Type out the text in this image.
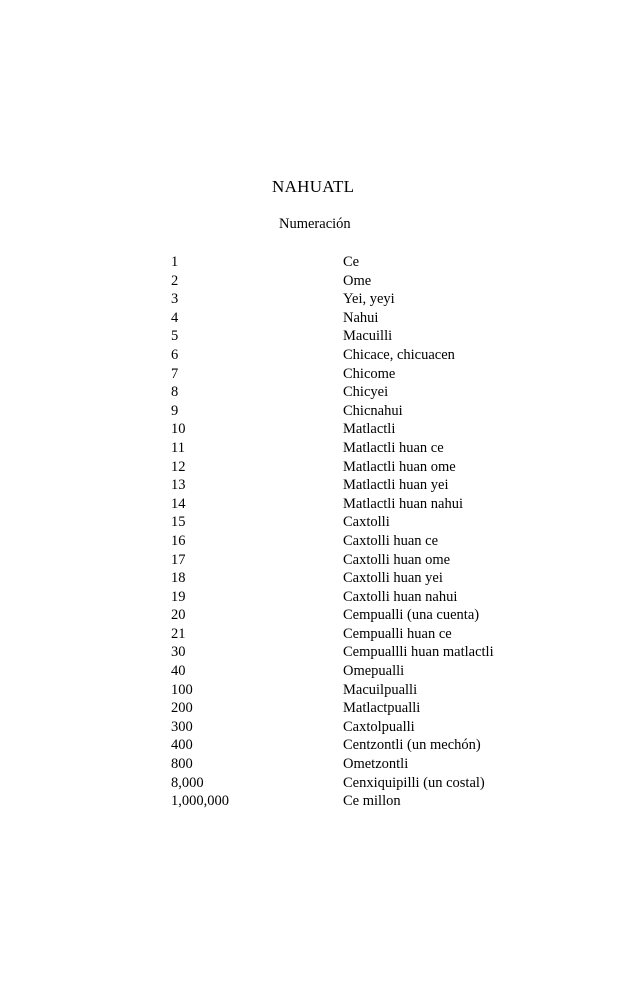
NAHUATL
Numeración
1	Ce
2	Ome
3	Yei, yeyi
4	Nahui
5	Macuilli
6	Chicace, chicuacen
7	Chicome
8	Chicyei
9	Chicnahui
10	Matlactli
11	Matlactli huan ce
12	Matlactli huan ome
13	Matlactli huan yei
14	Matlactli huan nahui
15	Caxtolli
16	Caxtolli huan ce
17	Caxtolli huan ome
18	Caxtolli huan yei
19	Caxtolli huan nahui
20	Cempualli (una cuenta)
21	Cempualli huan ce
30	Cempuallli huan matlactli
40	Omepualli
100	Macuilpualli
200	Matlactpualli
300	Caxtolpualli
400	Centzontli (un mechón)
800	Ometzontli
8,000	Cenxiquipilli (un costal)
1,000,000	Ce millon
